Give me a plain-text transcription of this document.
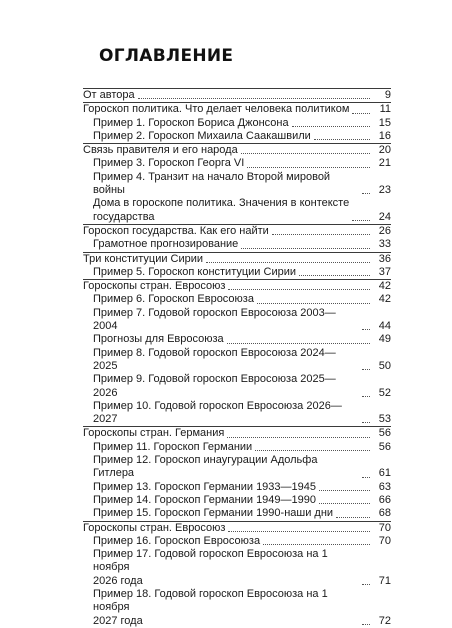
ОГЛАВЛЕНИЕ
От автора	9
Гороскоп политика. Что делает человека политиком	11
Пример 1. Гороскоп Бориса Джонсона	15
Пример 2. Гороскоп Михаила Саакашвили	16
Связь правителя и его народа	20
Пример 3. Гороскоп Георга VI	21
Пример 4. Транзит на начало Второй мировой войны	23
Дома в гороскопе политика. Значения в контексте
государства	24
Гороскоп государства. Как его найти	26
Грамотное прогнозирование	33
Три конституции Сирии	36
Пример 5. Гороскоп конституции Сирии	37
Гороскопы стран. Евросоюз	42
Пример 6. Гороскоп Евросоюза	42
Пример 7. Годовой гороскоп Евросоюза 2003—2004	44
Прогнозы для Евросоюза	49
Пример 8. Годовой гороскоп Евросоюза 2024—2025	50
Пример 9. Годовой гороскоп Евросоюза 2025—2026	52
Пример 10. Годовой гороскоп Евросоюза 2026—2027	53
Гороскопы стран. Германия	56
Пример 11. Гороскоп Германии	56
Пример 12. Гороскоп инаугурации Адольфа Гитлера	61
Пример 13. Гороскоп Германии 1933—1945	63
Пример 14. Гороскоп Германии 1949—1990	66
Пример 15. Гороскоп Германии 1990-наши дни	68
Гороскопы стран. Евросоюз	70
Пример 16. Гороскоп Евросоюза	70
Пример 17. Годовой гороскоп Евросоюза на 1 ноября
2026 года	71
Пример 18. Годовой гороскоп Евросоюза на 1 ноября
2027 года	72
